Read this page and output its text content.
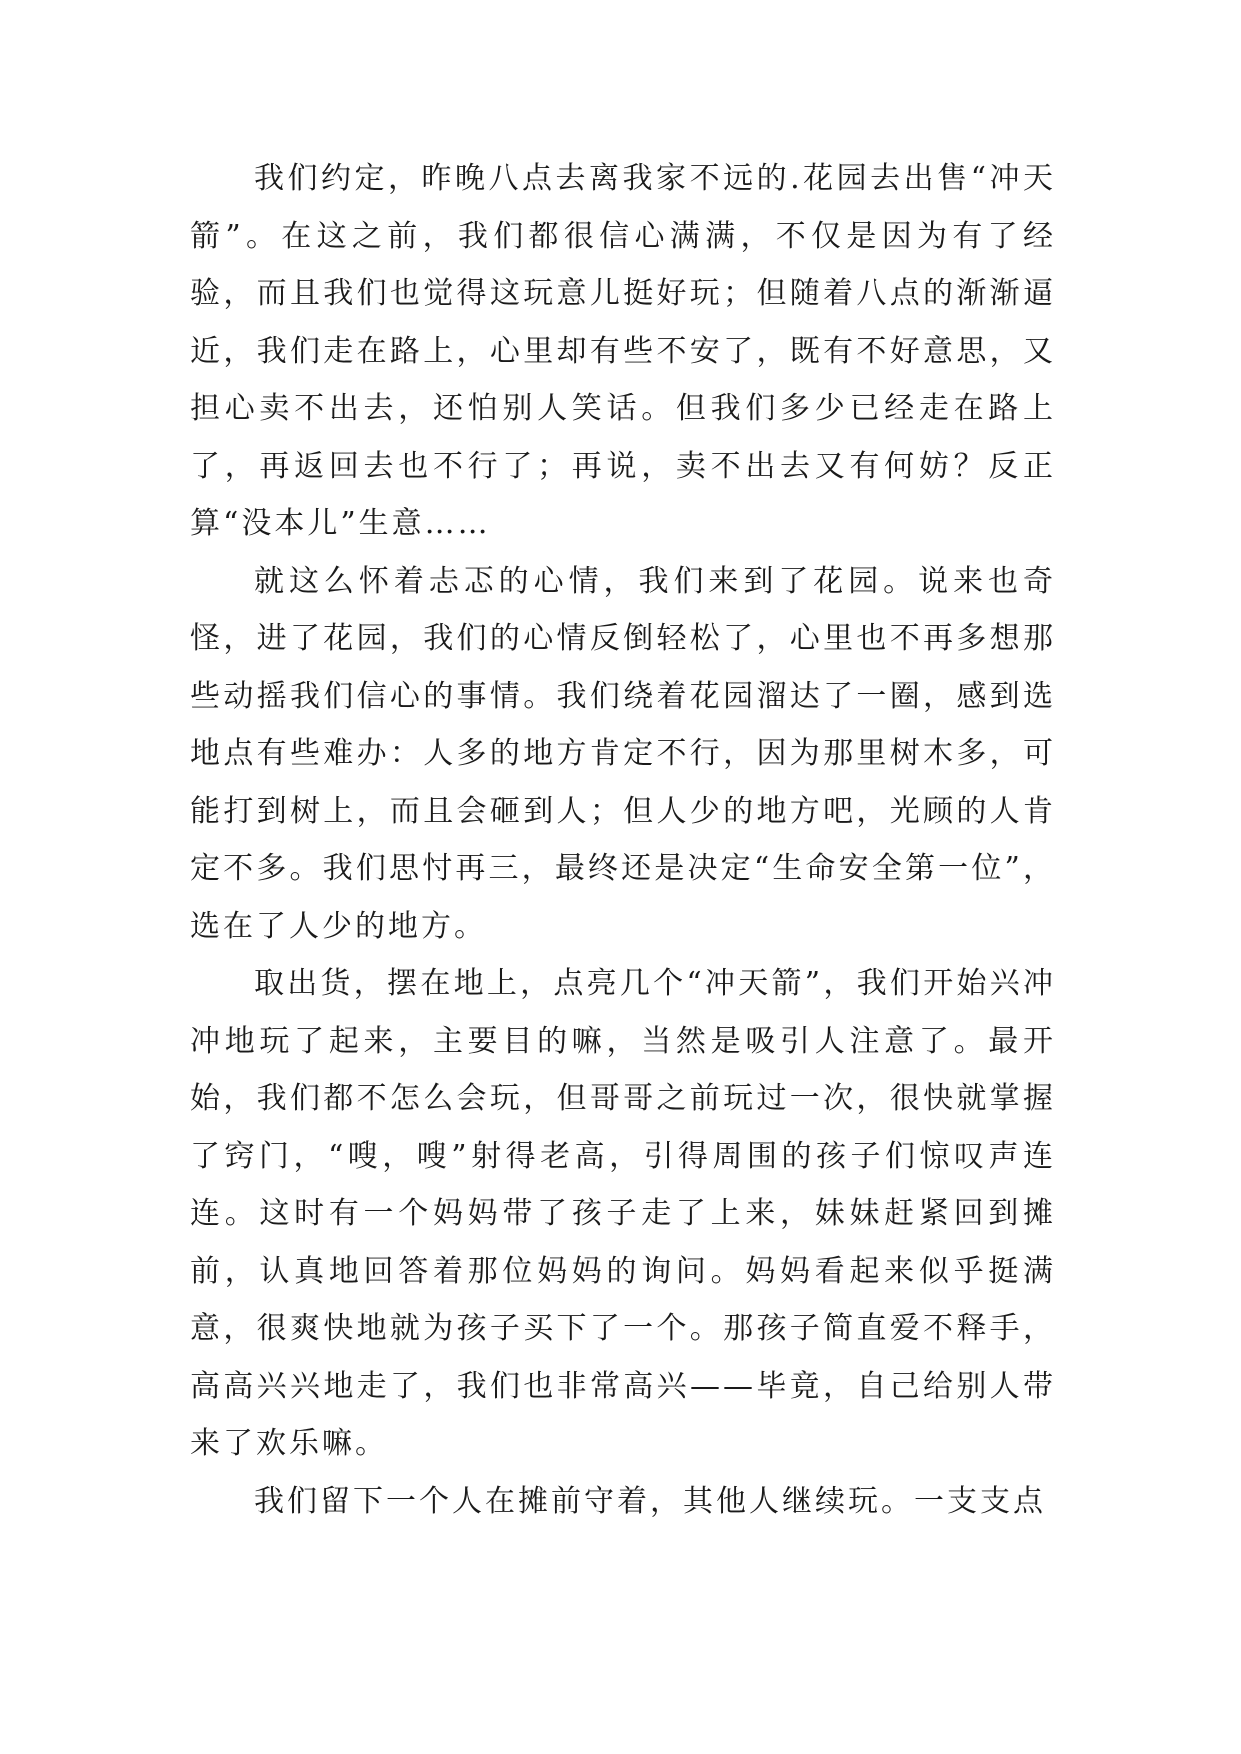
我们约定，昨晚八点去离我家不远的.花园去出售“冲天箭”。在这之前，我们都很信心满满，不仅是因为有了经验，而且我们也觉得这玩意儿挺好玩；但随着八点的渐渐逼近，我们走在路上，心里却有些不安了，既有不好意思，又担心卖不出去，还怕别人笑话。但我们多少已经走在路上了，再返回去也不行了；再说，卖不出去又有何妨？反正算“没本儿”生意……

就这么怀着忐忑的心情，我们来到了花园。说来也奇怪，进了花园，我们的心情反倒轻松了，心里也不再多想那些动摇我们信心的事情。我们绕着花园溜达了一圈，感到选地点有些难办：人多的地方肯定不行，因为那里树木多，可能打到树上，而且会砸到人；但人少的地方吧，光顾的人肯定不多。我们思忖再三，最终还是决定“生命安全第一位”，选在了人少的地方。

取出货，摆在地上，点亮几个“冲天箭”，我们开始兴冲冲地玩了起来，主要目的嘛，当然是吸引人注意了。最开始，我们都不怎么会玩，但哥哥之前玩过一次，很快就掌握了窍门，“嗖，嗖”射得老高，引得周围的孩子们惊叹声连连。这时有一个妈妈带了孩子走了上来，妹妹赶紧回到摊前，认真地回答着那位妈妈的询问。妈妈看起来似乎挺满意，很爽快地就为孩子买下了一个。那孩子简直爱不释手，高高兴兴地走了，我们也非常高兴——毕竟，自己给别人带来了欢乐嘛。

我们留下一个人在摊前守着，其他人继续玩。一支支点
